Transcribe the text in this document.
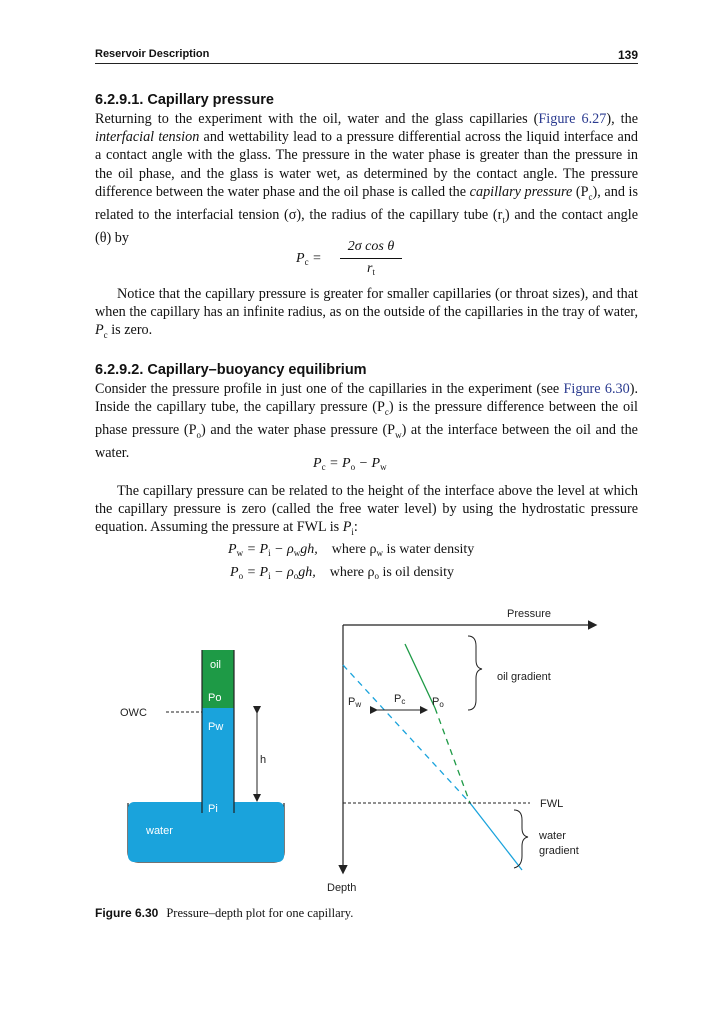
Reservoir Description	139
6.2.9.1. Capillary pressure
Returning to the experiment with the oil, water and the glass capillaries (Figure 6.27), the interfacial tension and wettability lead to a pressure differential across the liquid interface and a contact angle with the glass. The pressure in the water phase is greater than the pressure in the oil phase, and the glass is water wet, as determined by the contact angle. The pressure difference between the water phase and the oil phase is called the capillary pressure $(P_c)$, and is related to the interfacial tension (σ), the radius of the capillary tube $(r_t)$ and the contact angle (θ) by
$P_c$ =
2σ cos θ
$r_t$
Notice that the capillary pressure is greater for smaller capillaries (or throat sizes), and that when the capillary has an infinite radius, as on the outside of the capillaries in the tray of water, $P_c$ is zero.
6.2.9.2. Capillary–buoyancy equilibrium
Consider the pressure profile in just one of the capillaries in the experiment (see Figure 6.30). Inside the capillary tube, the capillary pressure $(P_c)$ is the pressure difference between the oil phase pressure $(P_o)$ and the water phase pressure $(P_w)$ at the interface between the oil and the water.
$P_c = P_o - P_w$
The capillary pressure can be related to the height of the interface above the level at which the capillary pressure is zero (called the free water level) by using the hydrostatic pressure equation. Assuming the pressure at FWL is $P_i$:
$P_w = P_i - \rho_wgh$, where $\rho_w$ is water density
$P_o = P_i - \rho_ogh$, where $\rho_o$ is oil density
oil
Po
Pw
Pi
water
OWC
h
Pressure
Depth
Pw	Pc Po
oil gradient
FWL
water
gradient
Figure 6.30 Pressure–depth plot for one capillary.
